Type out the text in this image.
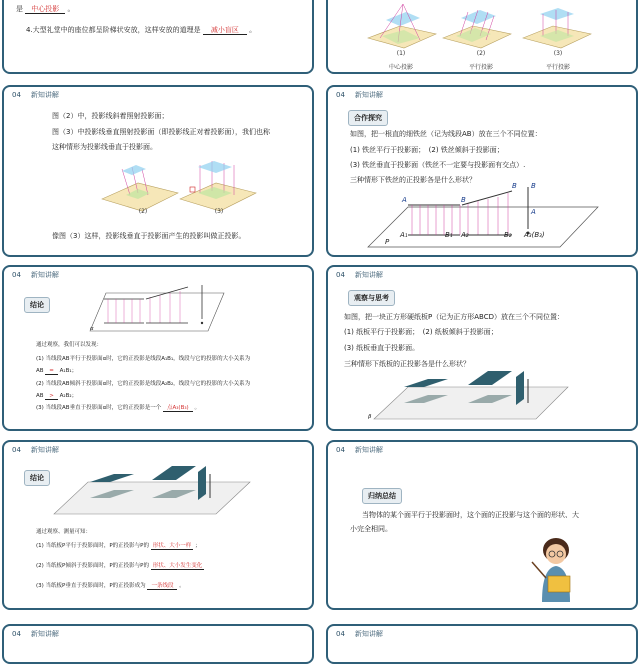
是 中心投影 。
4.大型礼堂中的座位都呈阶梯状安放，这样安放的道理是 减小盲区 。
(1)
中心投影
(2)
平行投影
(3)
平行投影
04 新知讲解
图（2）中，投影线斜着照射投影面；
图（3）中投影线垂直照射投影面（即投影线正对着投影面），我们也称
这种情形为投影线垂直于投影面。
(2)	(3)
像图（3）这样，投影线垂直于投影面产生的投影叫做正投影。
04 新知讲解
合作探究
如图，把一根直的细铁丝（记为线段AB）放在三个不同位置：
(1) 铁丝平行于投影面；　(2) 铁丝倾斜于投影面；
(3) 铁丝垂直于投影面（铁丝不一定要与投影面有交点）.
三种情形下铁丝的正投影各是什么形状？
A	B
B B
A
A₁	B₁ A₂	B₂ A₃(B₃)
P
04 新知讲解
结论
α
通过观察，我们可以发现：
(1) 当线段AB平行于投影面α时，它的正投影是线段A₁B₁，线段与它的投影的大小关系为
AB = A₁B₁；
(2) 当线段AB倾斜于投影面α时，它的正投影是线段A₂B₂，线段与它的投影的大小关系为
AB > A₂B₂；
(3) 当线段AB垂直于投影面α时，它的正投影是一个 点A₃(B₃) 。
04 新知讲解
观察与思考
如图，把一块正方形硬纸板P（记为正方形ABCD）放在三个不同位置：
(1) 纸板平行于投影面；　(2) 纸板倾斜于投影面；
(3) 纸板垂直于投影面。
三种情形下纸板的正投影各是什么形状？
β
04 新知讲解
结论
通过观察、测量可知：
(1) 当纸板P平行于投影面时，P的正投影与P的 形状、大小一样 ；
(2) 当纸板P倾斜于投影面时，P的正投影与P的 形状、大小发生变化
(3) 当纸板P垂直于投影面时，P的正投影成为 一条线段 。
04 新知讲解
归纳总结
当物体的某个面平行于投影面时，这个面的正投影与这个面的形状、大
小完全相同。
04 新知讲解	04 新知讲解
